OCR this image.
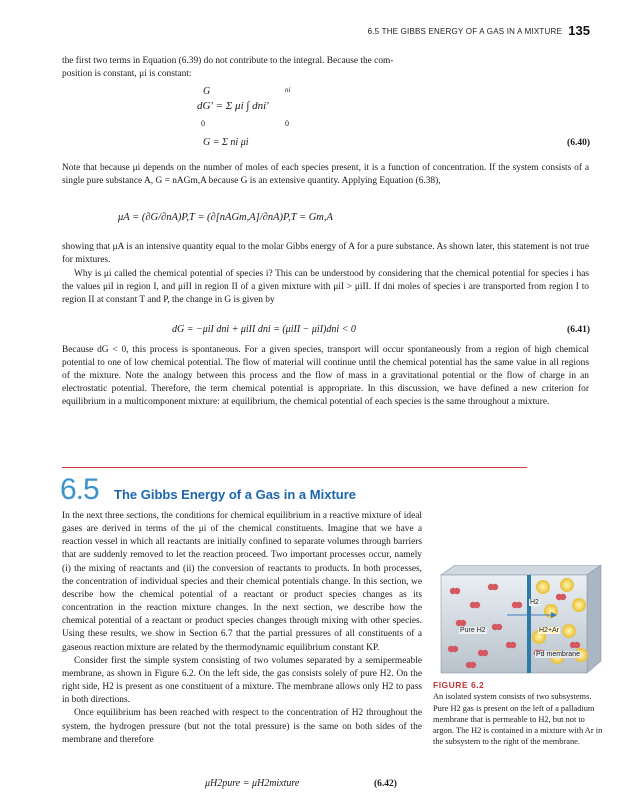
6.5 THE GIBBS ENERGY OF A GAS IN A MIXTURE 135

the first two terms in Equation (6.39) do not contribute to the integral. Because the com-

position is constant, μi is constant:

G	ni
dG′ = Σ μi ∫ dni′
0	0
G = Σ ni μi	(6.40)

Note that because μi depends on the number of moles of each species present, it is a function of concentration. If the system consists of a single pure substance A, G = nAGm,A because G is an extensive quantity. Applying Equation (6.38),

μA = (∂G/∂nA)P,T = (∂[nAGm,A]/∂nA)P,T = Gm,A

showing that μA is an intensive quantity equal to the molar Gibbs energy of A for a pure substance. As shown later, this statement is not true for mixtures.

Why is μi called the chemical potential of species i? This can be understood by considering that the chemical potential for species i has the values μiI in region I, and μiII in region II of a given mixture with μiI > μiII. If dni moles of species i are transported from region I to region II at constant T and P, the change in G is given by

dG = −μiI dni + μiII dni = (μiII − μiI)dni < 0	(6.41)

Because dG < 0, this process is spontaneous. For a given species, transport will occur spontaneously from a region of high chemical potential to one of low chemical potential. The flow of material will continue until the chemical potential has the same value in all regions of the mixture. Note the analogy between this process and the flow of mass in a gravitational potential or the flow of charge in an electrostatic potential. Therefore, the term chemical potential is appropriate. In this discussion, we have defined a new criterion for equilibrium in a multicomponent mixture: at equilibrium, the chemical potential of each species is the same throughout a mixture.

6.5 The Gibbs Energy of a Gas in a Mixture

In the next three sections, the conditions for chemical equilibrium in a reactive mixture of ideal gases are derived in terms of the μi of the chemical constituents. Imagine that we have a reaction vessel in which all reactants are initially confined to separate volumes through barriers that are suddenly removed to let the reaction proceed. Two important processes occur, namely (i) the mixing of reactants and (ii) the conversion of reactants to products. In both processes, the concentration of individual species and their chemical potentials change. In this section, we describe how the chemical potential of a reactant or product species changes as its concentration in the reaction mixture changes. In the next section, we describe how the chemical potential of a reactant or product species changes through mixing with other species. Using these results, we show in Section 6.7 that the partial pressures of all constituents of a gaseous reaction mixture are related by the thermodynamic equilibrium constant KP.

Consider first the simple system consisting of two volumes separated by a semipermeable membrane, as shown in Figure 6.2. On the left side, the gas consists solely of pure H2. On the right side, H2 is present as one constituent of a mixture. The membrane allows only H2 to pass in both directions.

Once equilibrium has been reached with respect to the concentration of H2 throughout the system, the hydrogen pressure (but not the total pressure) is the same on both sides of the membrane and therefore

μH2pure = μH2mixture	(6.42)
H2
Pure H2	H2+Ar
Pd membrane
FIGURE 6.2
An isolated system consists of two subsystems. Pure H2 gas is present on the left of a palladium membrane that is permeable to H2, but not to argon. The H2 is contained in a mixture with Ar in the subsystem to the right of the membrane.
